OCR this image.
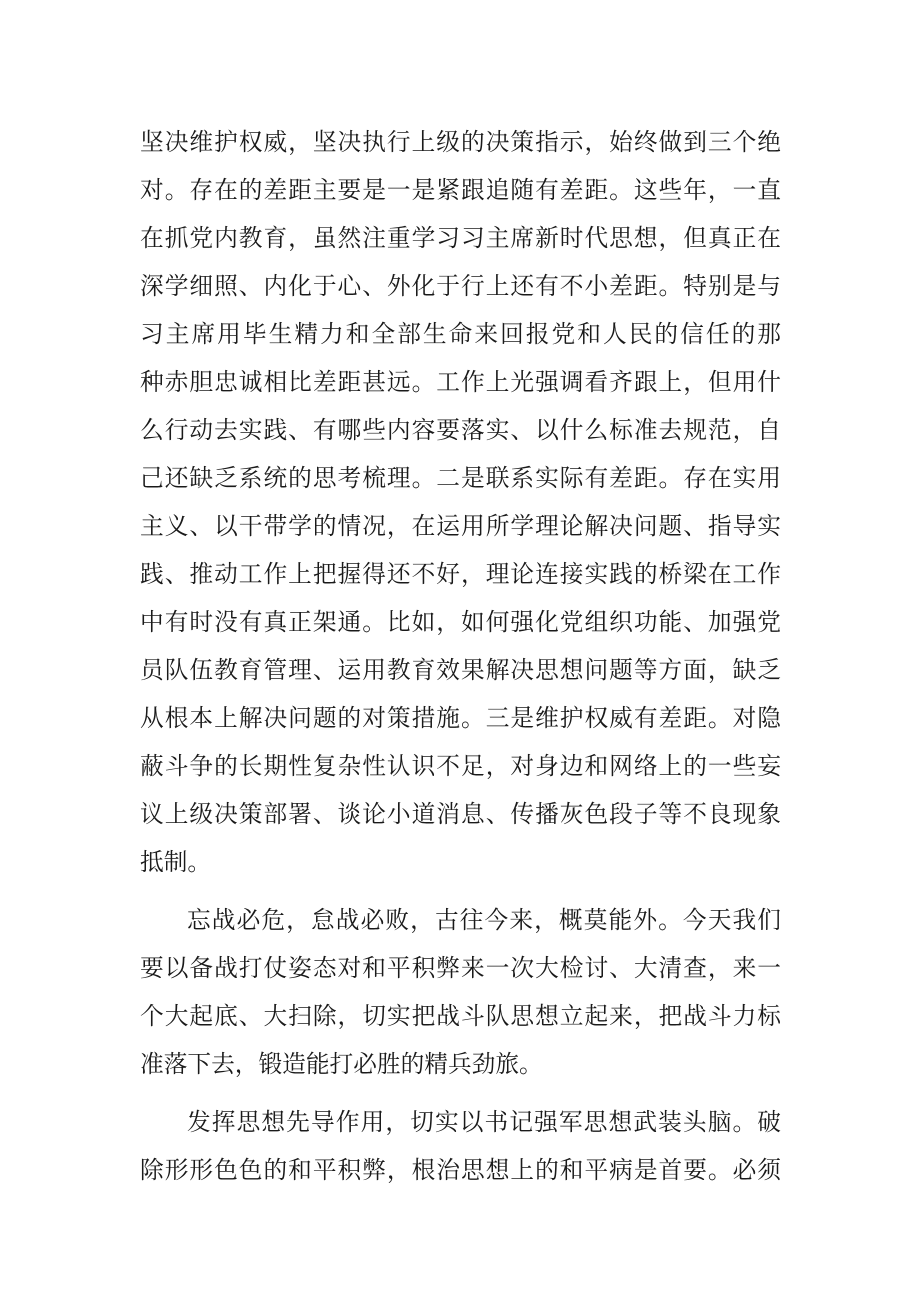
坚决维护权威，坚决执行上级的决策指示，始终做到三个绝
对。存在的差距主要是一是紧跟追随有差距。这些年，一直
在抓党内教育，虽然注重学习习主席新时代思想，但真正在
深学细照、内化于心、外化于行上还有不小差距。特别是与
习主席用毕生精力和全部生命来回报党和人民的信任的那
种赤胆忠诚相比差距甚远。工作上光强调看齐跟上，但用什
么行动去实践、有哪些内容要落实、以什么标准去规范，自
己还缺乏系统的思考梳理。二是联系实际有差距。存在实用
主义、以干带学的情况，在运用所学理论解决问题、指导实
践、推动工作上把握得还不好，理论连接实践的桥梁在工作
中有时没有真正架通。比如，如何强化党组织功能、加强党
员队伍教育管理、运用教育效果解决思想问题等方面，缺乏
从根本上解决问题的对策措施。三是维护权威有差距。对隐
蔽斗争的长期性复杂性认识不足，对身边和网络上的一些妄
议上级决策部署、谈论小道消息、传播灰色段子等不良现象
抵制。
忘战必危，怠战必败，古往今来，概莫能外。今天我们
要以备战打仗姿态对和平积弊来一次大检讨、大清查，来一
个大起底、大扫除，切实把战斗队思想立起来，把战斗力标
准落下去，锻造能打必胜的精兵劲旅。
发挥思想先导作用，切实以书记强军思想武装头脑。破
除形形色色的和平积弊，根治思想上的和平病是首要。必须
